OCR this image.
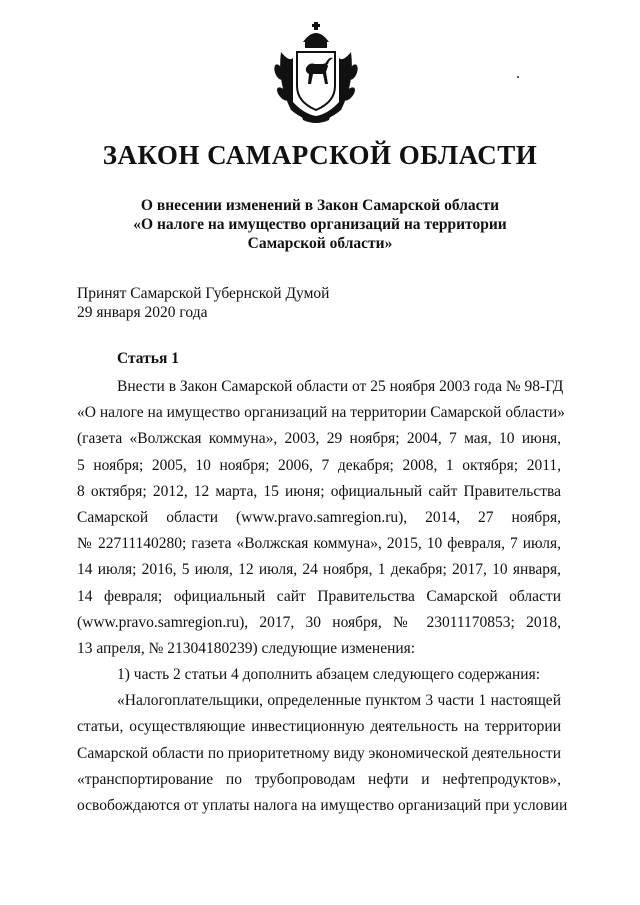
ЗАКОН САМАРСКОЙ ОБЛАСТИ
О внесении изменений в Закон Самарской области
«О налоге на имущество организаций на территории
Самарской области»
Принят Самарской Губернской Думой
29 января 2020 года
Статья 1
Внести в Закон Самарской области от 25 ноября 2003 года № 98-ГД
«О налоге на имущество организаций на территории Самарской области»
(газета «Волжская коммуна», 2003, 29 ноября; 2004, 7 мая, 10 июня,
5 ноября; 2005, 10 ноября; 2006, 7 декабря; 2008, 1 октября; 2011,
8 октября; 2012, 12 марта, 15 июня; официальный сайт Правительства
Самарской области (www.pravo.samregion.ru), 2014, 27 ноября,
№ 22711140280; газета «Волжская коммуна», 2015, 10 февраля, 7 июля,
14 июля; 2016, 5 июля, 12 июля, 24 ноября, 1 декабря; 2017, 10 января,
14 февраля; официальный сайт Правительства Самарской области
(www.pravo.samregion.ru), 2017, 30 ноября, № 23011170853; 2018,
13 апреля, № 21304180239) следующие изменения:
1) часть 2 статьи 4 дополнить абзацем следующего содержания:
«Налогоплательщики, определенные пунктом 3 части 1 настоящей
статьи, осуществляющие инвестиционную деятельность на территории
Самарской области по приоритетному виду экономической деятельности
«транспортирование по трубопроводам нефти и нефтепродуктов»,
освобождаются от уплаты налога на имущество организаций при условии
